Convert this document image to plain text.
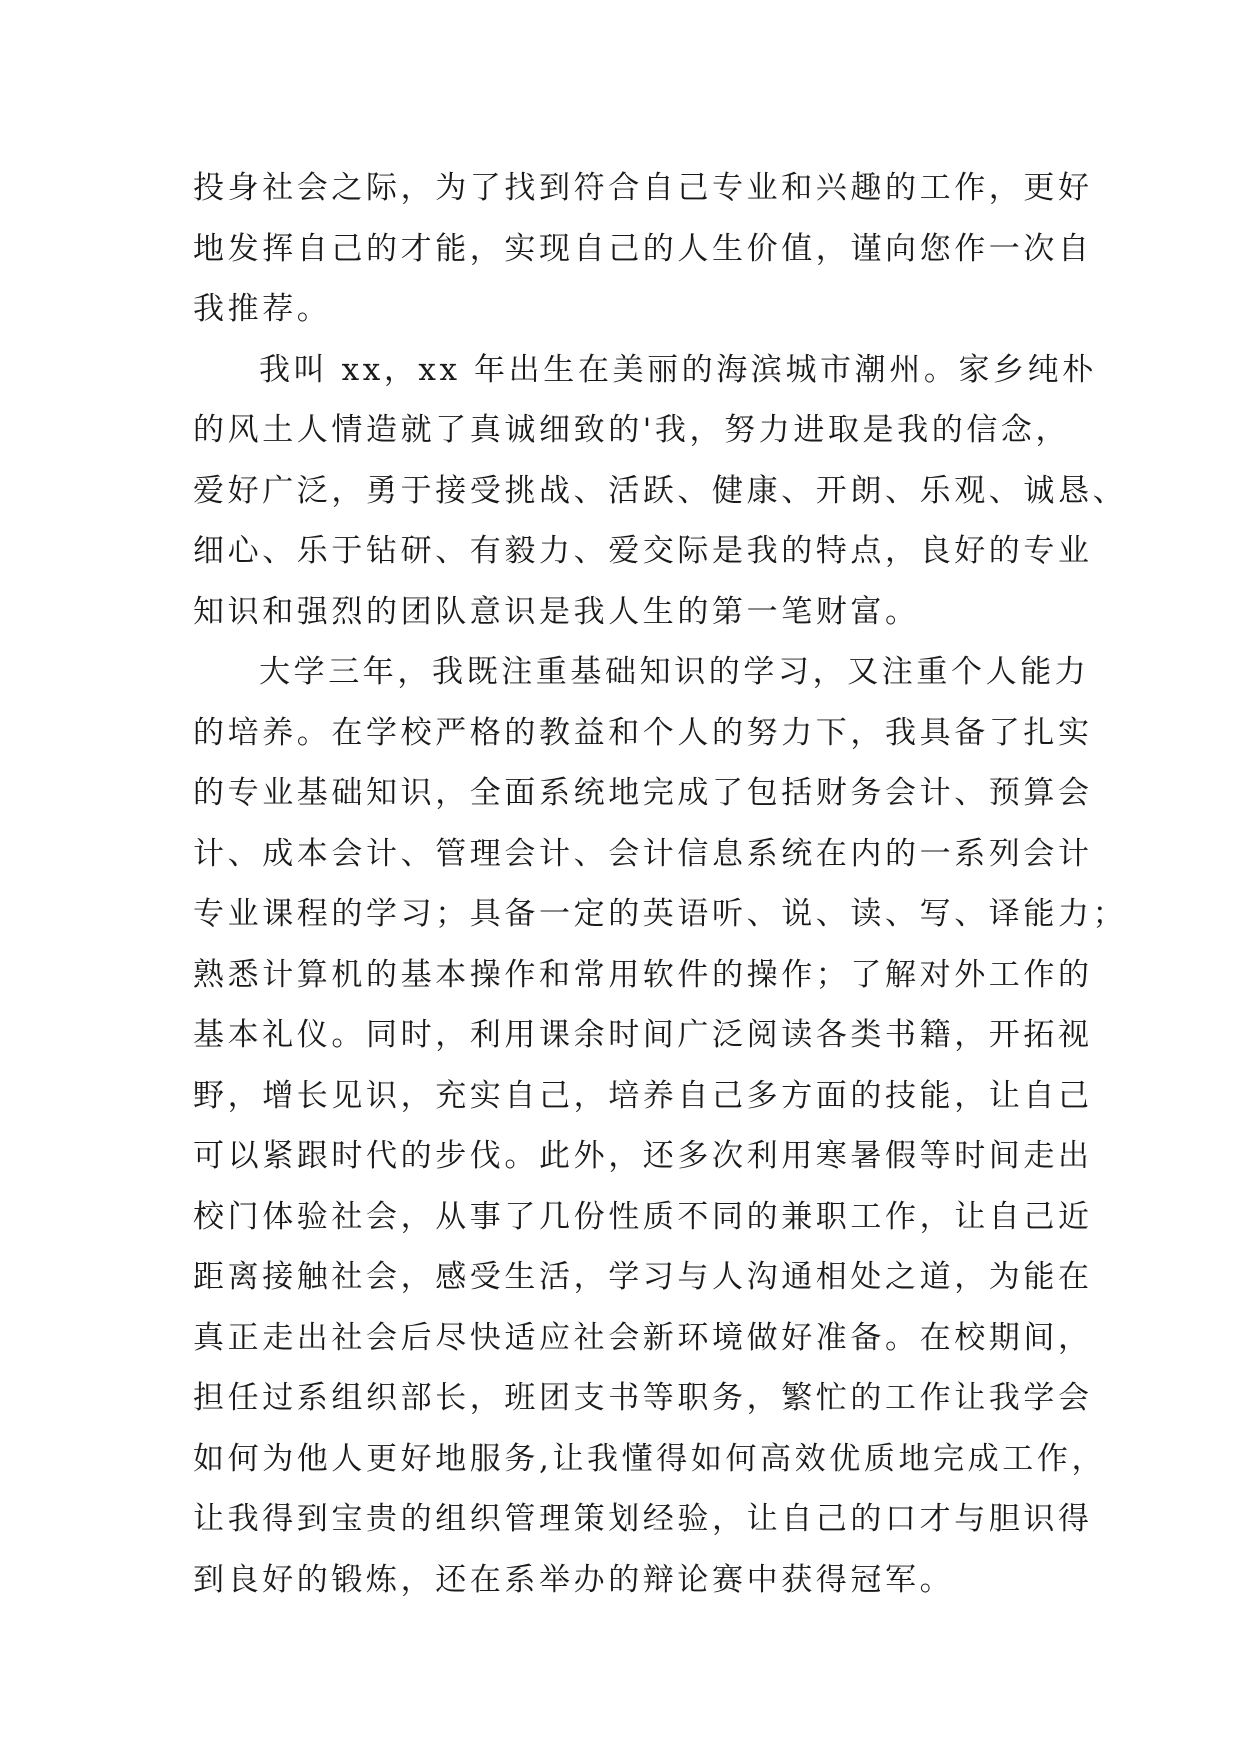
投身社会之际，为了找到符合自己专业和兴趣的工作，更好
地发挥自己的才能，实现自己的人生价值，谨向您作一次自
我推荐。
我叫 xx，xx 年出生在美丽的海滨城市潮州。家乡纯朴
的风土人情造就了真诚细致的'我，努力进取是我的信念，
爱好广泛，勇于接受挑战、活跃、健康、开朗、乐观、诚恳、
细心、乐于钻研、有毅力、爱交际是我的特点，良好的专业
知识和强烈的团队意识是我人生的第一笔财富。
大学三年，我既注重基础知识的学习，又注重个人能力
的培养。在学校严格的教益和个人的努力下，我具备了扎实
的专业基础知识，全面系统地完成了包括财务会计、预算会
计、成本会计、管理会计、会计信息系统在内的一系列会计
专业课程的学习；具备一定的英语听、说、读、写、译能力；
熟悉计算机的基本操作和常用软件的操作；了解对外工作的
基本礼仪。同时，利用课余时间广泛阅读各类书籍，开拓视
野，增长见识，充实自己，培养自己多方面的技能，让自己
可以紧跟时代的步伐。此外，还多次利用寒暑假等时间走出
校门体验社会，从事了几份性质不同的兼职工作，让自己近
距离接触社会，感受生活，学习与人沟通相处之道，为能在
真正走出社会后尽快适应社会新环境做好准备。在校期间，
担任过系组织部长，班团支书等职务，繁忙的工作让我学会
如何为他人更好地服务,让我懂得如何高效优质地完成工作，
让我得到宝贵的组织管理策划经验，让自己的口才与胆识得
到良好的锻炼，还在系举办的辩论赛中获得冠军。
